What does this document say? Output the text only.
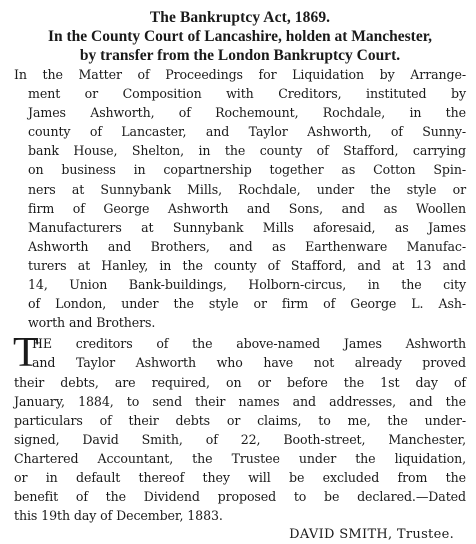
The Bankruptcy Act, 1869.

In the County Court of Lancashire, holden at Manchester,

by transfer from the London Bankruptcy Court.

In the Matter of Proceedings for Liquidation by Arrange-

ment or Composition with Creditors, instituted by

James Ashworth, of Rochemount, Rochdale, in the

county of Lancaster, and Taylor Ashworth, of Sunny-

bank House, Shelton, in the county of Stafford, carrying

on business in copartnership together as Cotton Spin-

ners at Sunnybank Mills, Rochdale, under the style or

firm of George Ashworth and Sons, and as Woollen

Manufacturers at Sunnybank Mills aforesaid, as James

Ashworth and Brothers, and as Earthenware Manufac-

turers at Hanley, in the county of Stafford, and at 13 and

14, Union Bank-buildings, Holborn-circus, in the city

of London, under the style or firm of George L. Ash-

worth and Brothers.

T

HE creditors of the above-named James Ashworth

and Taylor Ashworth who have not already proved

their debts, are required, on or before the 1st day of

January, 1884, to send their names and addresses, and the

particulars of their debts or claims, to me, the under-

signed, David Smith, of 22, Booth-street, Manchester,

Chartered Accountant, the Trustee under the liquidation,

or in default thereof they will be excluded from the

benefit of the Dividend proposed to be declared.—Dated

this 19th day of December, 1883.

DAVID SMITH, Trustee.
